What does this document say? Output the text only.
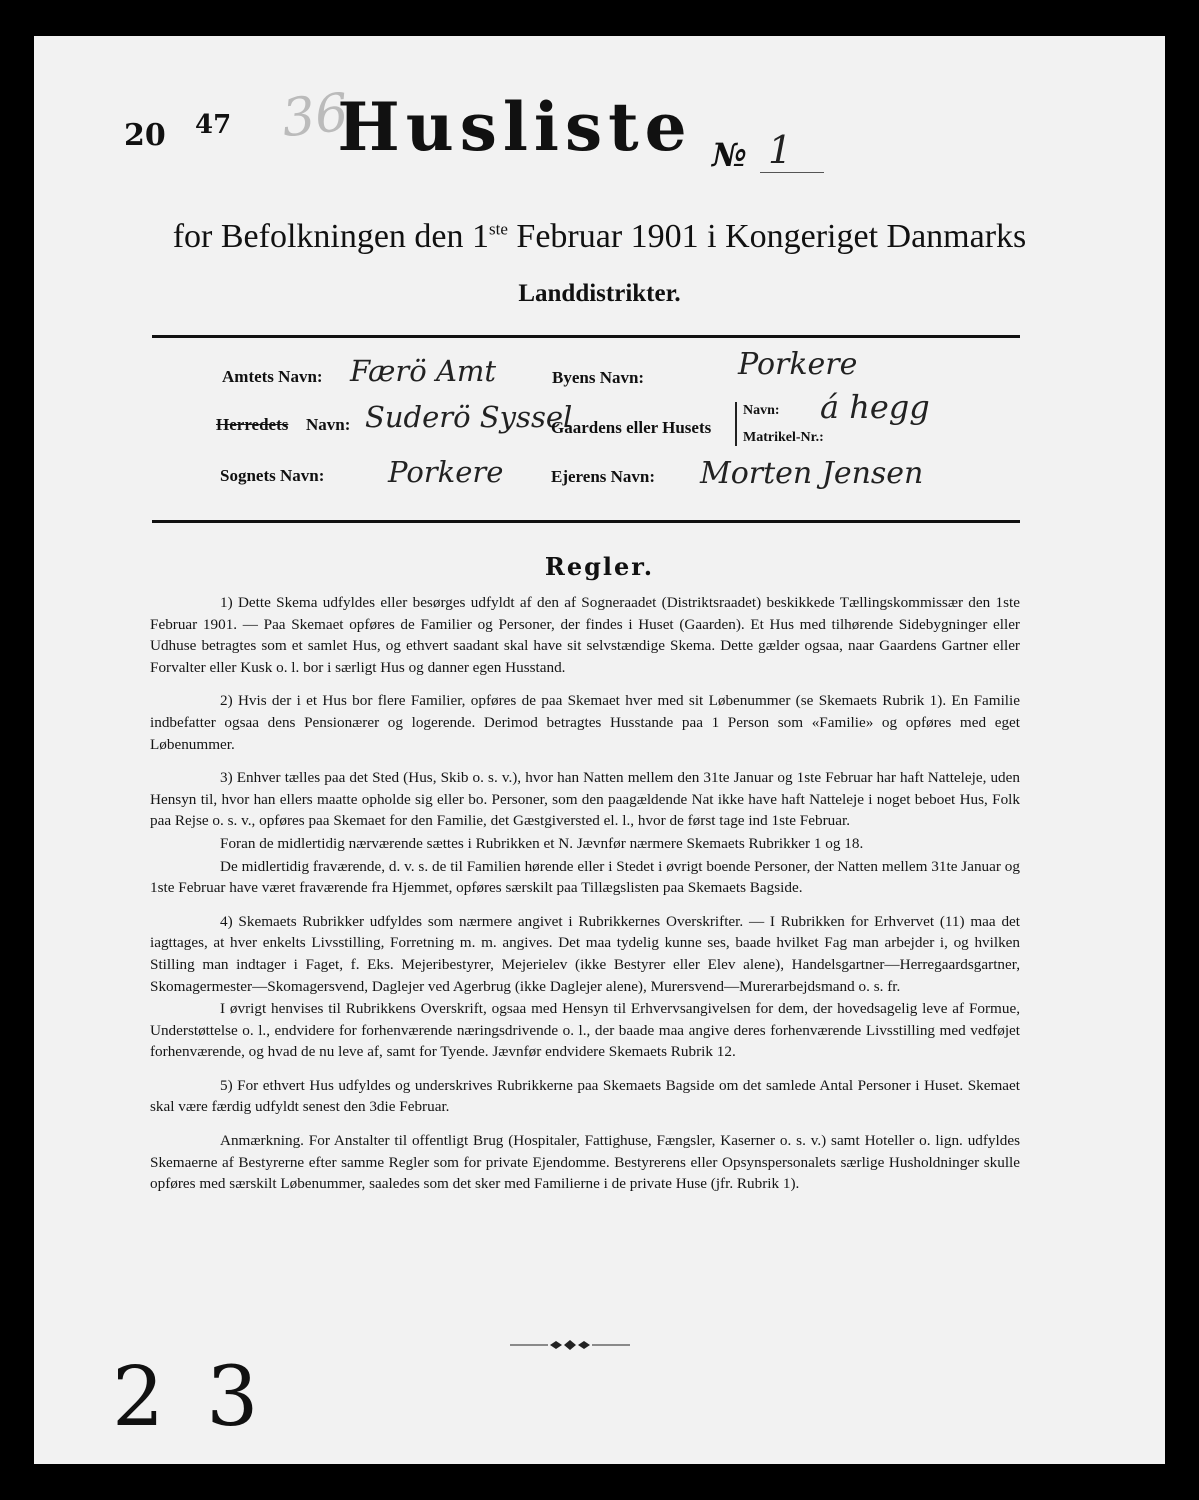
20 47 36
Husliste № 1
for Befolkningen den 1ste Februar 1901 i Kongeriget Danmarks
Landdistrikter.
Amtets Navn: Færö Amt
Herredets Navn: Suderö Syssel
Sognets Navn: Porkere
Byens Navn:	Porkere
Gaardens eller Husets
Navn: á hegg
Matrikel-Nr.:
Ejerens Navn: Morten Jensen
Regler.

1) Dette Skema udfyldes eller besørges udfyldt af den af Sogneraadet (Distriktsraadet) beskikkede Tællingskommissær den 1ste Februar 1901. — Paa Skemaet opføres de Familier og Personer, der findes i Huset (Gaarden). Et Hus med tilhørende Sidebygninger eller Udhuse betragtes som et samlet Hus, og ethvert saadant skal have sit selvstændige Skema. Dette gælder ogsaa, naar Gaardens Gartner eller Forvalter eller Kusk o. l. bor i særligt Hus og danner egen Husstand.

2) Hvis der i et Hus bor flere Familier, opføres de paa Skemaet hver med sit Løbenummer (se Skemaets Rubrik 1). En Familie indbefatter ogsaa dens Pensionærer og logerende. Derimod betragtes Husstande paa 1 Person som «Familie» og opføres med eget Løbenummer.

3) Enhver tælles paa det Sted (Hus, Skib o. s. v.), hvor han Natten mellem den 31te Januar og 1ste Februar har haft Natteleje, uden Hensyn til, hvor han ellers maatte opholde sig eller bo. Personer, som den paagældende Nat ikke have haft Natteleje i noget beboet Hus, Folk paa Rejse o. s. v., opføres paa Skemaet for den Familie, det Gæstgiversted el. l., hvor de først tage ind 1ste Februar.

Foran de midlertidig nærværende sættes i Rubrikken et N. Jævnfør nærmere Skemaets Rubrikker 1 og 18.

De midlertidig fraværende, d. v. s. de til Familien hørende eller i Stedet i øvrigt boende Personer, der Natten mellem 31te Januar og 1ste Februar have været fraværende fra Hjemmet, opføres særskilt paa Tillægslisten paa Skemaets Bagside.

4) Skemaets Rubrikker udfyldes som nærmere angivet i Rubrikkernes Overskrifter. — I Rubrikken for Erhvervet (11) maa det iagttages, at hver enkelts Livsstilling, Forretning m. m. angives. Det maa tydelig kunne ses, baade hvilket Fag man arbejder i, og hvilken Stilling man indtager i Faget, f. Eks. Mejeribestyrer, Mejerielev (ikke Bestyrer eller Elev alene), Handelsgartner—Herregaardsgartner, Skomagermester—Skomagersvend, Daglejer ved Agerbrug (ikke Daglejer alene), Murersvend—Murerarbejdsmand o. s. fr.

I øvrigt henvises til Rubrikkens Overskrift, ogsaa med Hensyn til Erhvervsangivelsen for dem, der hovedsagelig leve af Formue, Understøttelse o. l., endvidere for forhenværende næringsdrivende o. l., der baade maa angive deres forhenværende Livsstilling med vedføjet forhenværende, og hvad de nu leve af, samt for Tyende. Jævnfør endvidere Skemaets Rubrik 12.

5) For ethvert Hus udfyldes og underskrives Rubrikkerne paa Skemaets Bagside om det samlede Antal Personer i Huset. Skemaet skal være færdig udfyldt senest den 3die Februar.

Anmærkning. For Anstalter til offentligt Brug (Hospitaler, Fattighuse, Fængsler, Kaserner o. s. v.) samt Hoteller o. lign. udfyldes Skemaerne af Bestyrerne efter samme Regler som for private Ejendomme. Bestyrerens eller Opsynspersonalets særlige Husholdninger skulle opføres med særskilt Løbenummer, saaledes som det sker med Familierne i de private Huse (jfr. Rubrik 1).

2 3
